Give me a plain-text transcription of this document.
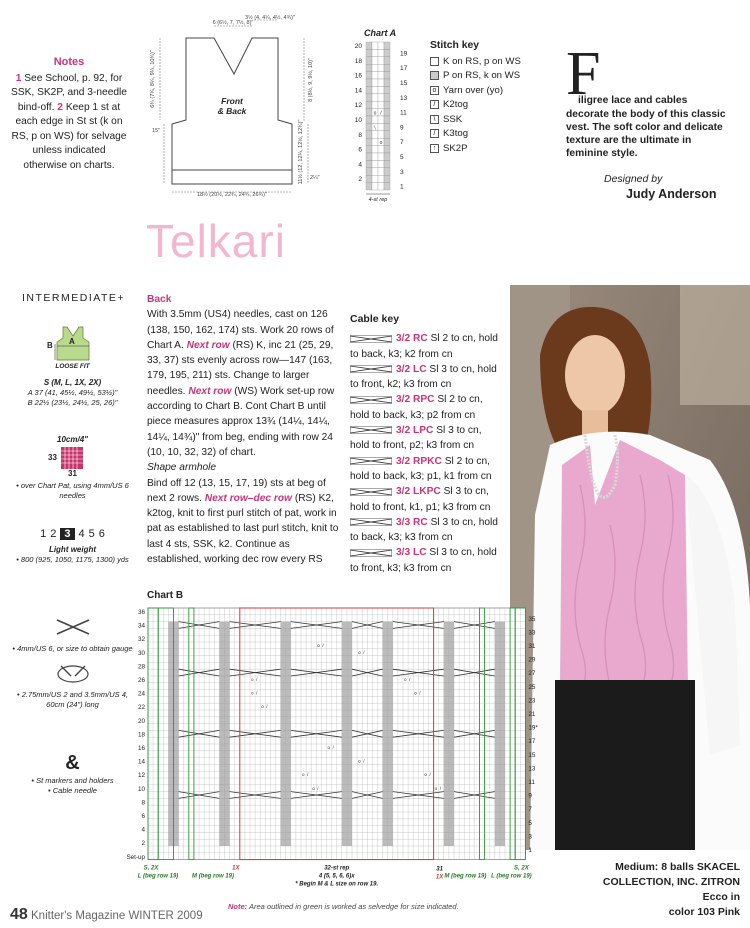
Notes
1 See School, p. 92, for SSK, SK2P, and 3-needle bind-off. 2 Keep 1 st at each edge in St st (k on RS, p on WS) for selvage unless indicated otherwise on charts.
Front
& Back
6 (6½, 7, 7½, 8)"
3½ (4, 4¼, 4½, 4¾)"
6¾ (7¼, 8¼, 9¼, 10¾)"	8 (8½, 9, 9½, 10)"
15"	11½ (12, 12¼, 12½, 12¾)" 2¼"
18½ (20½, 22¾, 24¾, 26¾)"
Chart A
o /
\
o
20
18
16
14
12
10
8
6
4
2
19
17
15
13
11
9
7
5
3
1
4-st rep
Stitch key
K on RS, p on WS
P on RS, k on WS
o Yarn over (yo)
/ K2tog
\ SSK
/ K3tog
↑ SK2P
F
iligree lace and cables
decorate the body of this classic vest. The soft color and delicate texture are the ultimate in feminine style.
Designed by
Judy Anderson
Telkari
INTERMEDIATE+
B A
LOOSE FIT
S (M, L, 1X, 2X)
A 37 (41, 45½, 49½, 53½)"
B 22½ (23½, 24½, 25, 26)"
10cm/4"
33
31
• over Chart Pat, using 4mm/US 6 needles
1 2 3 4 5 6
Light weight
• 800 (925, 1050, 1175, 1300) yds
• 4mm/US 6, or size to obtain gauge
• 2.75mm/US 2 and 3.5mm/US 4, 60cm (24") long
&
• St markers and holders
• Cable needle
Back
With 3.5mm (US4) needles, cast on 126 (138, 150, 162, 174) sts. Work 20 rows of Chart A. Next row (RS) K, inc 21 (25, 29, 33, 37) sts evenly across row—147 (163, 179, 195, 211) sts. Change to larger needles. Next row (WS) Work set-up row according to Chart B. Cont Chart B until piece measures approx 13¾ (14¼, 14¼, 14¼, 14¾)" from beg, ending with row 24 (10, 10, 32, 32) of chart.
Shape armhole
Bind off 12 (13, 15, 17, 19) sts at beg of next 2 rows. Next row–dec row (RS) K2, k2tog, knit to first purl stitch of pat, work in pat as established to last purl stitch, knit to last 4 sts, SSK, k2. Continue as established, working dec row every RS
Cable key
3/2 RC Sl 2 to cn, hold to back, k3; k2 from cn
3/2 LC Sl 3 to cn, hold to front, k2; k3 from cn
3/2 RPC Sl 2 to cn, hold to back, k3; p2 from cn
3/2 LPC Sl 3 to cn, hold to front, p2; k3 from cn
3/2 RPKC Sl 2 to cn, hold to back, k3; p1, k1 from cn
3/2 LKPC Sl 3 to cn, hold to front, k1, p1; k3 from cn
3/3 RC Sl 3 to cn, hold to back, k3; k3 from cn
3/3 LC Sl 3 to cn, hold to front, k3; k3 from cn
Medium: 8 balls SKACEL
COLLECTION, INC. ZITRON Ecco in
color 103 Pink
Chart B
o /
o /
o /
o /
o /
o /
o /
o /
o /
o /
o /
o /
o /
36
34
32
30
28
26
24
22
20
18
16
14
12
10
8
6
4
2
Set-up
35
33
31
29
27
25
23
21
19*
17
15
13
11
9
7
5
3
1
S, 2X
L (beg row 19) M (beg row 19)
1X	32-st rep
4 (5, 5, 6, 6)x
31
* Begin M & L size on row 19.
1X M (beg row 19)
S, 2X
L (beg row 19)
Note: Area outlined in green is worked as selvedge for size indicated.
48 Knitter's Magazine WINTER 2009
